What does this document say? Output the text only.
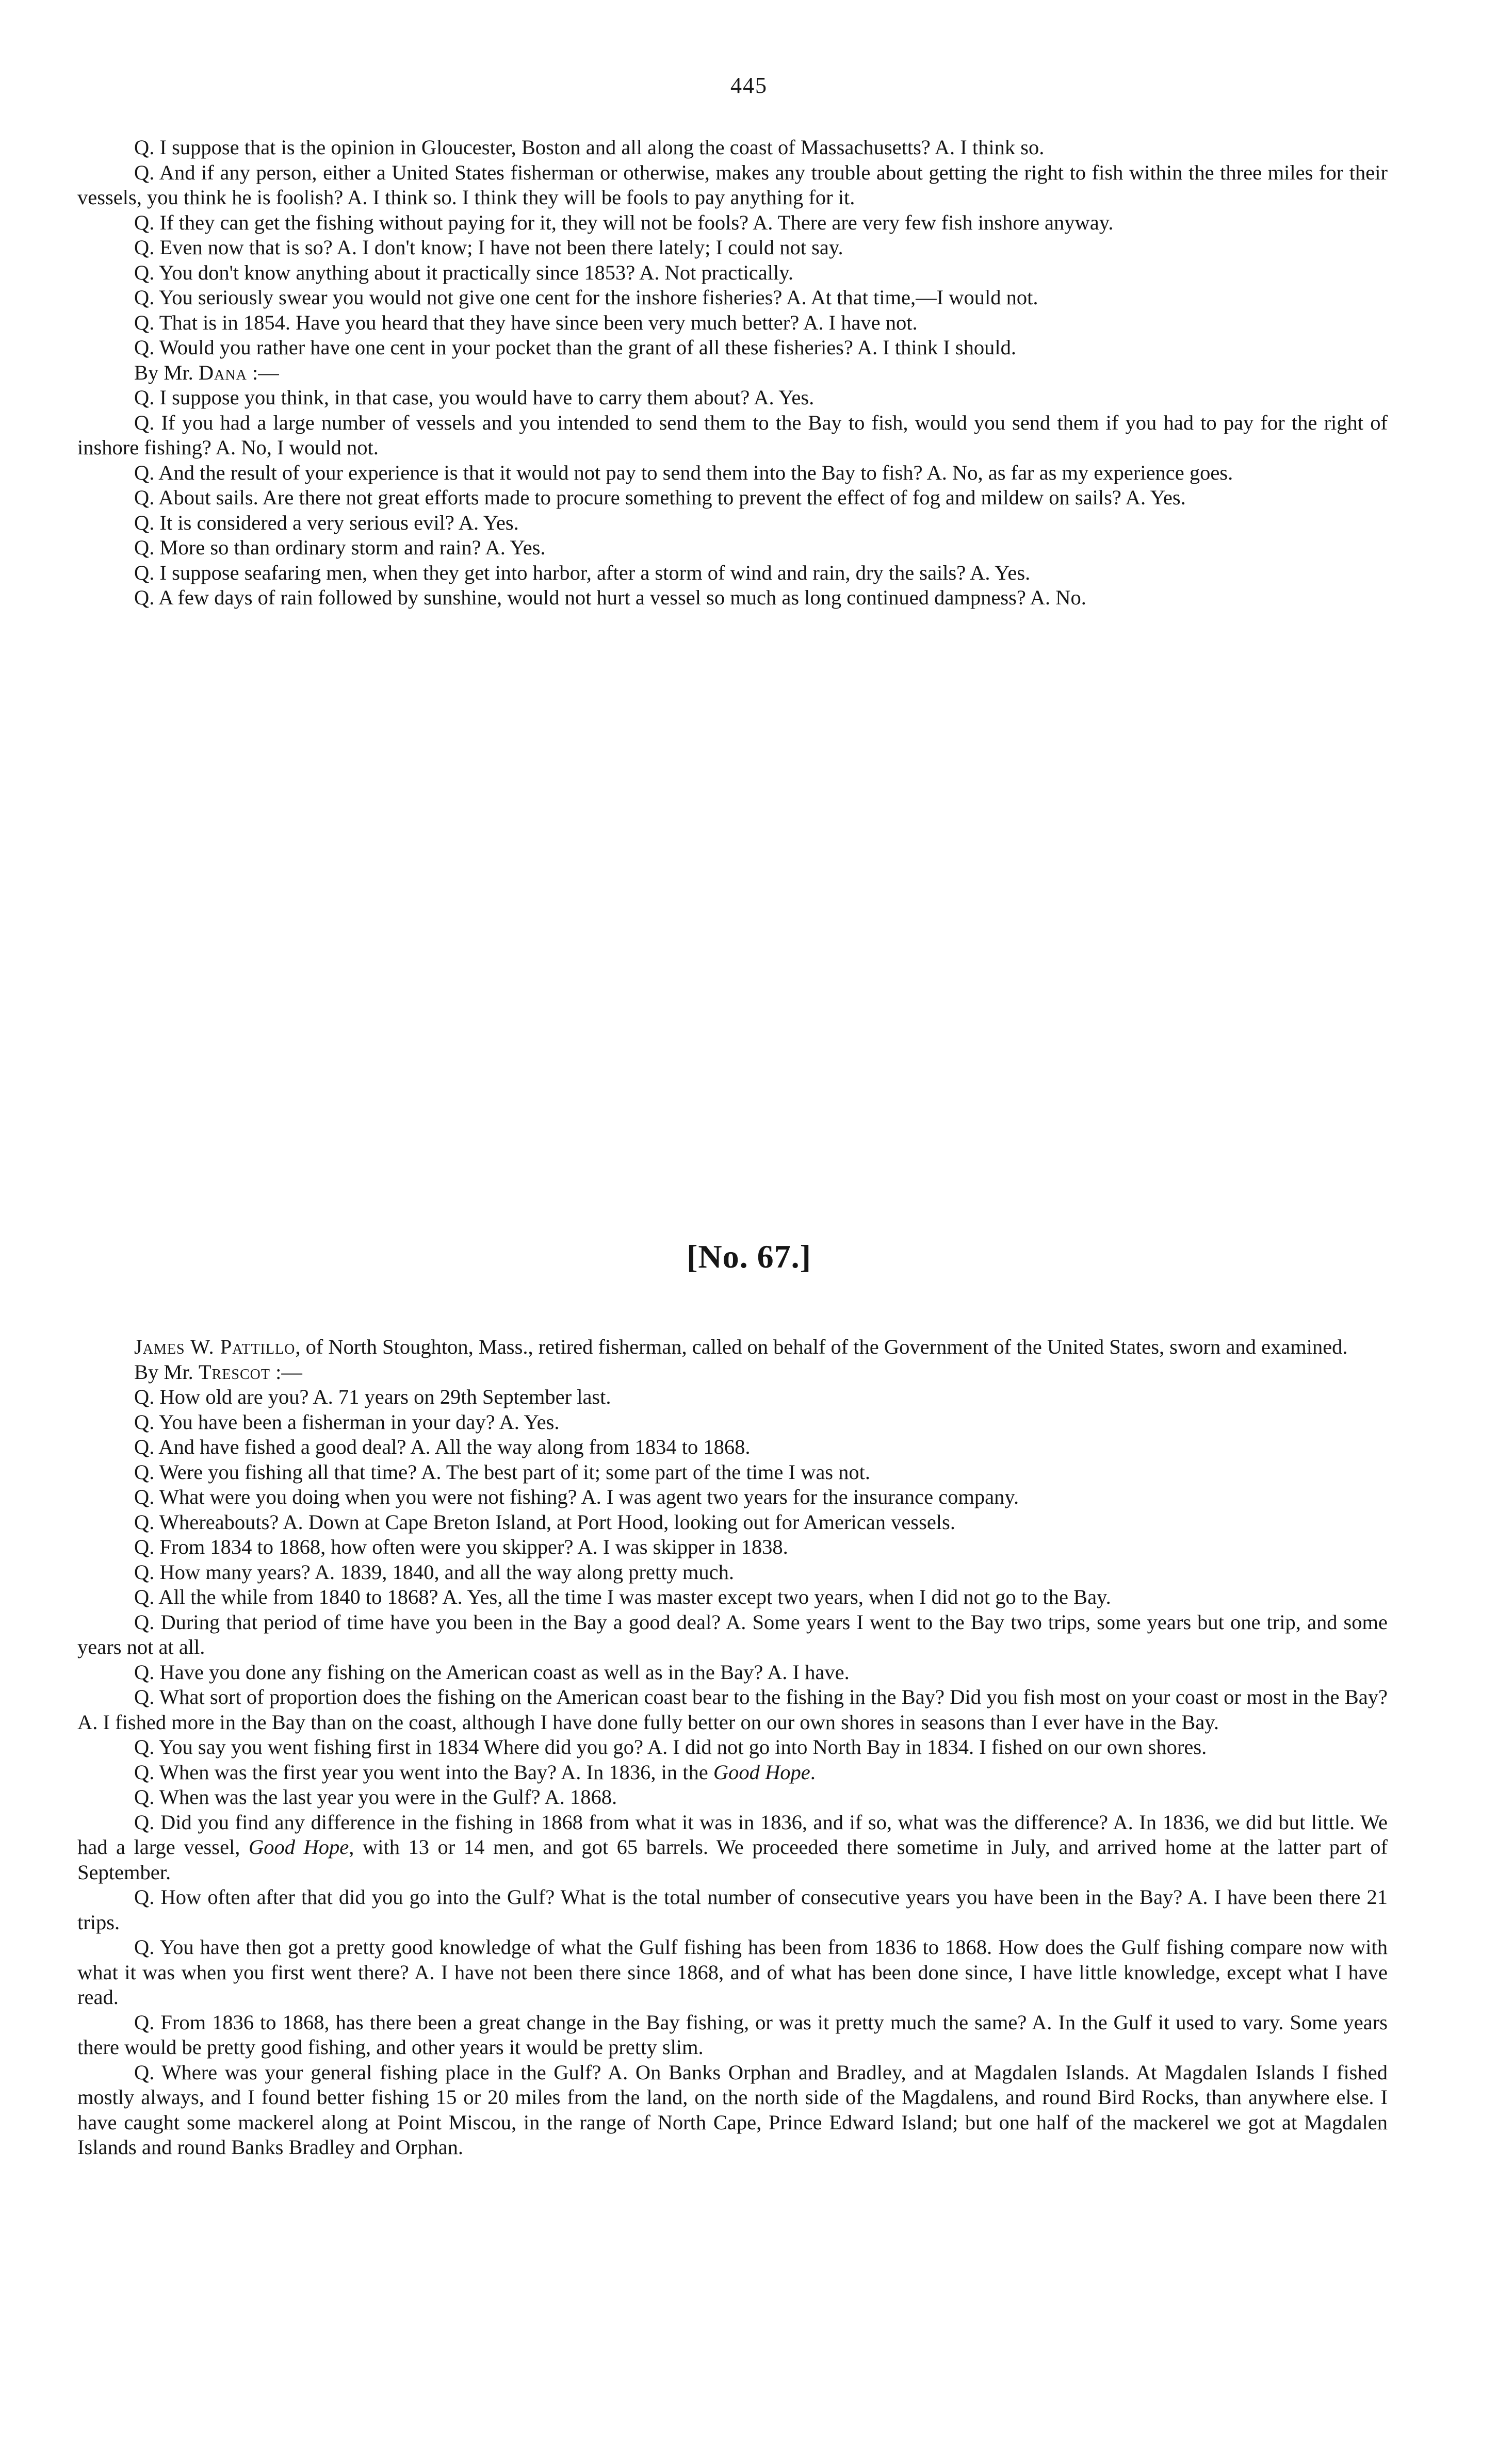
445

Q. I suppose that is the opinion in Gloucester, Boston and all along the coast of Massachusetts? A. I think so.

Q. And if any person, either a United States fisherman or otherwise, makes any trouble about getting the right to fish within the three miles for their vessels, you think he is foolish? A. I think so. I think they will be fools to pay anything for it.

Q. If they can get the fishing without paying for it, they will not be fools? A. There are very few fish inshore anyway.

Q. Even now that is so? A. I don't know; I have not been there lately; I could not say.

Q. You don't know anything about it practically since 1853? A. Not practically.

Q. You seriously swear you would not give one cent for the inshore fisheries? A. At that time,—I would not.

Q. That is in 1854. Have you heard that they have since been very much better? A. I have not.

Q. Would you rather have one cent in your pocket than the grant of all these fisheries? A. I think I should.

By Mr. Dana :—

Q. I suppose you think, in that case, you would have to carry them about? A. Yes.

Q. If you had a large number of vessels and you intended to send them to the Bay to fish, would you send them if you had to pay for the right of inshore fishing? A. No, I would not.

Q. And the result of your experience is that it would not pay to send them into the Bay to fish? A. No, as far as my experience goes.

Q. About sails. Are there not great efforts made to procure something to prevent the effect of fog and mildew on sails? A. Yes.

Q. It is considered a very serious evil? A. Yes.

Q. More so than ordinary storm and rain? A. Yes.

Q. I suppose seafaring men, when they get into harbor, after a storm of wind and rain, dry the sails? A. Yes.

Q. A few days of rain followed by sunshine, would not hurt a vessel so much as long continued dampness? A. No.

[No. 67.]

James W. Pattillo, of North Stoughton, Mass., retired fisherman, called on behalf of the Government of the United States, sworn and examined.

By Mr. Trescot :—

Q. How old are you? A. 71 years on 29th September last.

Q. You have been a fisherman in your day? A. Yes.

Q. And have fished a good deal? A. All the way along from 1834 to 1868.

Q. Were you fishing all that time? A. The best part of it; some part of the time I was not.

Q. What were you doing when you were not fishing? A. I was agent two years for the insurance company.

Q. Whereabouts? A. Down at Cape Breton Island, at Port Hood, looking out for American vessels.

Q. From 1834 to 1868, how often were you skipper? A. I was skipper in 1838.

Q. How many years? A. 1839, 1840, and all the way along pretty much.

Q. All the while from 1840 to 1868? A. Yes, all the time I was master except two years, when I did not go to the Bay.

Q. During that period of time have you been in the Bay a good deal? A. Some years I went to the Bay two trips, some years but one trip, and some years not at all.

Q. Have you done any fishing on the American coast as well as in the Bay? A. I have.

Q. What sort of proportion does the fishing on the American coast bear to the fishing in the Bay? Did you fish most on your coast or most in the Bay? A. I fished more in the Bay than on the coast, although I have done fully better on our own shores in seasons than I ever have in the Bay.

Q. You say you went fishing first in 1834 Where did you go? A. I did not go into North Bay in 1834. I fished on our own shores.

Q. When was the first year you went into the Bay? A. In 1836, in the Good Hope.

Q. When was the last year you were in the Gulf? A. 1868.

Q. Did you find any difference in the fishing in 1868 from what it was in 1836, and if so, what was the difference? A. In 1836, we did but little. We had a large vessel, Good Hope, with 13 or 14 men, and got 65 barrels. We proceeded there sometime in July, and arrived home at the latter part of September.

Q. How often after that did you go into the Gulf? What is the total number of consecutive years you have been in the Bay? A. I have been there 21 trips.

Q. You have then got a pretty good knowledge of what the Gulf fishing has been from 1836 to 1868. How does the Gulf fishing compare now with what it was when you first went there? A. I have not been there since 1868, and of what has been done since, I have little knowledge, except what I have read.

Q. From 1836 to 1868, has there been a great change in the Bay fishing, or was it pretty much the same? A. In the Gulf it used to vary. Some years there would be pretty good fishing, and other years it would be pretty slim.

Q. Where was your general fishing place in the Gulf? A. On Banks Orphan and Bradley, and at Magdalen Islands. At Magdalen Islands I fished mostly always, and I found better fishing 15 or 20 miles from the land, on the north side of the Magdalens, and round Bird Rocks, than anywhere else. I have caught some mackerel along at Point Miscou, in the range of North Cape, Prince Edward Island; but one half of the mackerel we got at Magdalen Islands and round Banks Bradley and Orphan.
